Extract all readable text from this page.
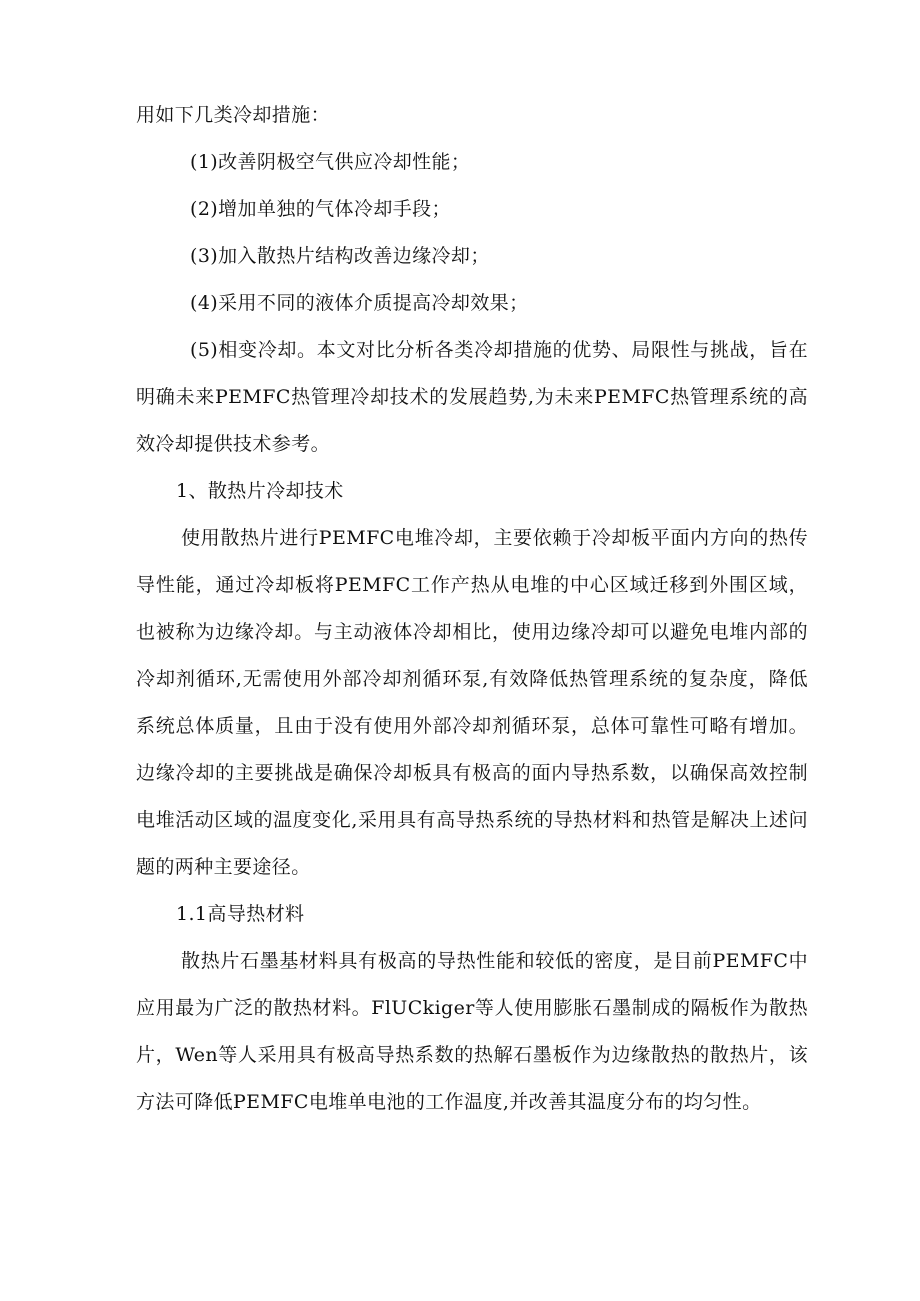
用如下几类冷却措施：

(1)改善阴极空气供应冷却性能；

(2)增加单独的气体冷却手段；

(3)加入散热片结构改善边缘冷却；

(4)采用不同的液体介质提高冷却效果；

(5)相变冷却。本文对比分析各类冷却措施的优势、局限性与挑战，旨在明确未来PEMFC热管理冷却技术的发展趋势,为未来PEMFC热管理系统的高效冷却提供技术参考。

1、散热片冷却技术

使用散热片进行PEMFC电堆冷却，主要依赖于冷却板平面内方向的热传导性能，通过冷却板将PEMFC工作产热从电堆的中心区域迁移到外围区域，也被称为边缘冷却。与主动液体冷却相比，使用边缘冷却可以避免电堆内部的冷却剂循环,无需使用外部冷却剂循环泵,有效降低热管理系统的复杂度，降低系统总体质量，且由于没有使用外部冷却剂循环泵，总体可靠性可略有增加。边缘冷却的主要挑战是确保冷却板具有极高的面内导热系数，以确保高效控制电堆活动区域的温度变化,采用具有高导热系统的导热材料和热管是解决上述问题的两种主要途径。

1.1高导热材料

散热片石墨基材料具有极高的导热性能和较低的密度，是目前PEMFC中应用最为广泛的散热材料。FlUCkiger等人使用膨胀石墨制成的隔板作为散热片，Wen等人采用具有极高导热系数的热解石墨板作为边缘散热的散热片，该方法可降低PEMFC电堆单电池的工作温度,并改善其温度分布的均匀性。
